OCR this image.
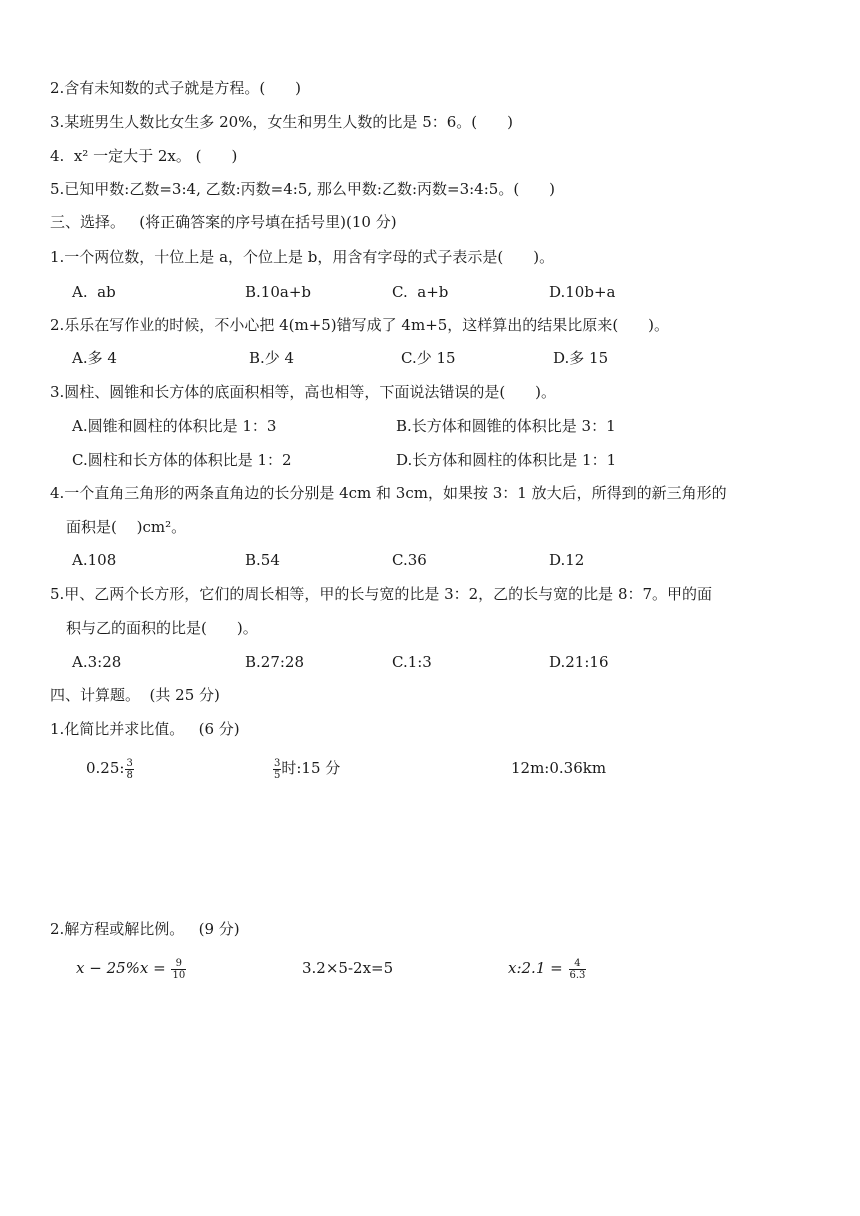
2.含有未知数的式子就是方程。(　　)
3.某班男生人数比女生多 20%，女生和男生人数的比是 5：6。(　　)
4.  x² 一定大于 2x。 (　　)
5.已知甲数:乙数=3:4, 乙数:丙数=4:5, 那么甲数:乙数:丙数=3:4:5。(　　)
三、选择。   (将正确答案的序号填在括号里)(10 分)
1.一个两位数，十位上是 a，个位上是 b，用含有字母的式子表示是(　　)。
A.  ab	B.10a+b	C.  a+b	D.10b+a
2.乐乐在写作业的时候，不小心把 4(m+5)错写成了 4m+5，这样算出的结果比原来(　　)。
A.多 4	B.少 4	C.少 15	D.多 15
3.圆柱、圆锥和长方体的底面积相等，高也相等，下面说法错误的是(　　)。
A.圆锥和圆柱的体积比是 1：3	B.长方体和圆锥的体积比是 3：1
C.圆柱和长方体的体积比是 1：2	D.长方体和圆柱的体积比是 1：1
4.一个直角三角形的两条直角边的长分别是 4cm 和 3cm，如果按 3：1 放大后，所得到的新三角形的
面积是(　 )cm²。
A.108	B.54	C.36	D.12
5.甲、乙两个长方形，它们的周长相等，甲的长与宽的比是 3：2，乙的长与宽的比是 8：7。甲的面
积与乙的面积的比是(　　)。
A.3:28	B.27:28	C.1:3	D.21:16
四、计算题。  (共 25 分)
1.化简比并求比值。   (6 分)
0.25: $\frac{3}{8}$	$\frac{3}{5}$ 时:15 分	12m:0.36km
2.解方程或解比例。   (9 分)
$x - 25\%x = \frac{9}{10}$	3.2×5-2x=5	x:2.1 = $\frac{4}{6.3}$
